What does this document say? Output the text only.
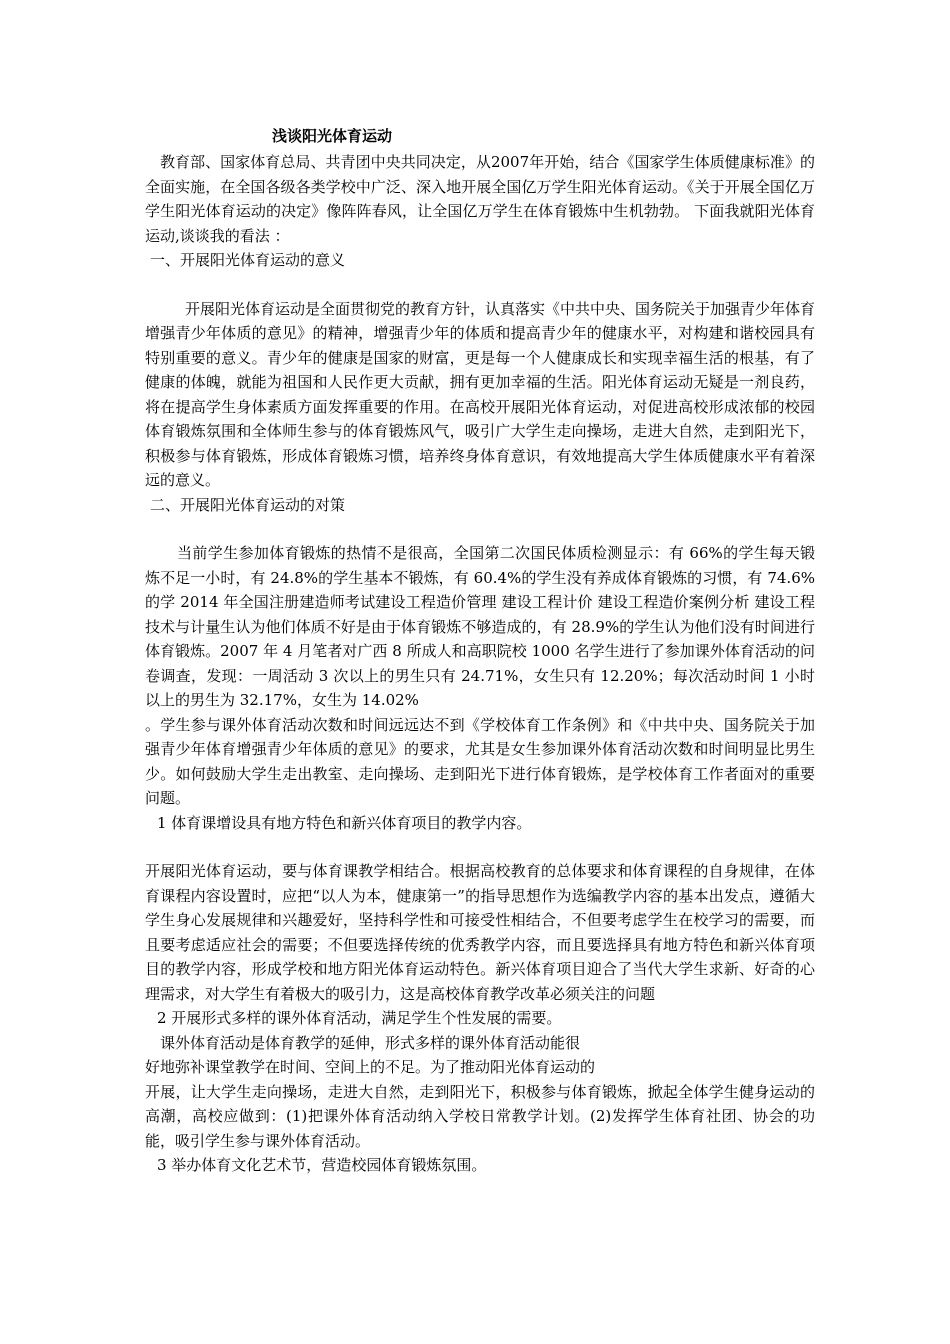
浅谈阳光体育运动

教育部、国家体育总局、共青团中央共同决定，从2007年开始，结合《国家学生体质健康标准》的全面实施，在全国各级各类学校中广泛、深入地开展全国亿万学生阳光体育运动。《关于开展全国亿万学生阳光体育运动的决定》像阵阵春风，让全国亿万学生在体育锻炼中生机勃勃。 下面我就阳光体育运动,谈谈我的看法 ：

一、开展阳光体育运动的意义

开展阳光体育运动是全面贯彻党的教育方针，认真落实《中共中央、国务院关于加强青少年体育增强青少年体质的意见》的精神，增强青少年的体质和提高青少年的健康水平，对构建和谐校园具有特别重要的意义。青少年的健康是国家的财富，更是每一个人健康成长和实现幸福生活的根基，有了健康的体魄，就能为祖国和人民作更大贡献，拥有更加幸福的生活。阳光体育运动无疑是一剂良药，将在提高学生身体素质方面发挥重要的作用。在高校开展阳光体育运动，对促进高校形成浓郁的校园体育锻炼氛围和全体师生参与的体育锻炼风气，吸引广大学生走向操场，走进大自然，走到阳光下，积极参与体育锻炼，形成体育锻炼习惯，培养终身体育意识，有效地提高大学生体质健康水平有着深远的意义。

二、开展阳光体育运动的对策

当前学生参加体育锻炼的热情不是很高，全国第二次国民体质检测显示：有 66%的学生每天锻炼不足一小时，有 24.8%的学生基本不锻炼，有 60.4%的学生没有养成体育锻炼的习惯，有 74.6%的学 2014 年全国注册建造师考试建设工程造价管理 建设工程计价 建设工程造价案例分析 建设工程技术与计量生认为他们体质不好是由于体育锻炼不够造成的，有 28.9%的学生认为他们没有时间进行体育锻炼。2007 年 4 月笔者对广西 8 所成人和高职院校 1000 名学生进行了参加课外体育活动的问卷调查，发现：一周活动 3 次以上的男生只有 24.71%，女生只有 12.20%；每次活动时间 1 小时以上的男生为 32.17%，女生为 14.02%

。学生参与课外体育活动次数和时间远远达不到《学校体育工作条例》和《中共中央、国务院关于加强青少年体育增强青少年体质的意见》的要求，尤其是女生参加课外体育活动次数和时间明显比男生少。如何鼓励大学生走出教室、走向操场、走到阳光下进行体育锻炼，是学校体育工作者面对的重要问题。

1 体育课增设具有地方特色和新兴体育项目的教学内容。

开展阳光体育运动，要与体育课教学相结合。根据高校教育的总体要求和体育课程的自身规律，在体育课程内容设置时，应把“以人为本，健康第一”的指导思想作为选编教学内容的基本出发点，遵循大学生身心发展规律和兴趣爱好，坚持科学性和可接受性相结合，不但要考虑学生在校学习的需要，而且要考虑适应社会的需要；不但要选择传统的优秀教学内容，而且要选择具有地方特色和新兴体育项目的教学内容，形成学校和地方阳光体育运动特色。新兴体育项目迎合了当代大学生求新、好奇的心理需求，对大学生有着极大的吸引力，这是高校体育教学改革必须关注的问题

2 开展形式多样的课外体育活动，满足学生个性发展的需要。

课外体育活动是体育教学的延伸，形式多样的课外体育活动能很

好地弥补课堂教学在时间、空间上的不足。为了推动阳光体育运动的

开展，让大学生走向操场，走进大自然，走到阳光下，积极参与体育锻炼，掀起全体学生健身运动的高潮，高校应做到：(1)把课外体育活动纳入学校日常教学计划。(2)发挥学生体育社团、协会的功能，吸引学生参与课外体育活动。

3 举办体育文化艺术节，营造校园体育锻炼氛围。
